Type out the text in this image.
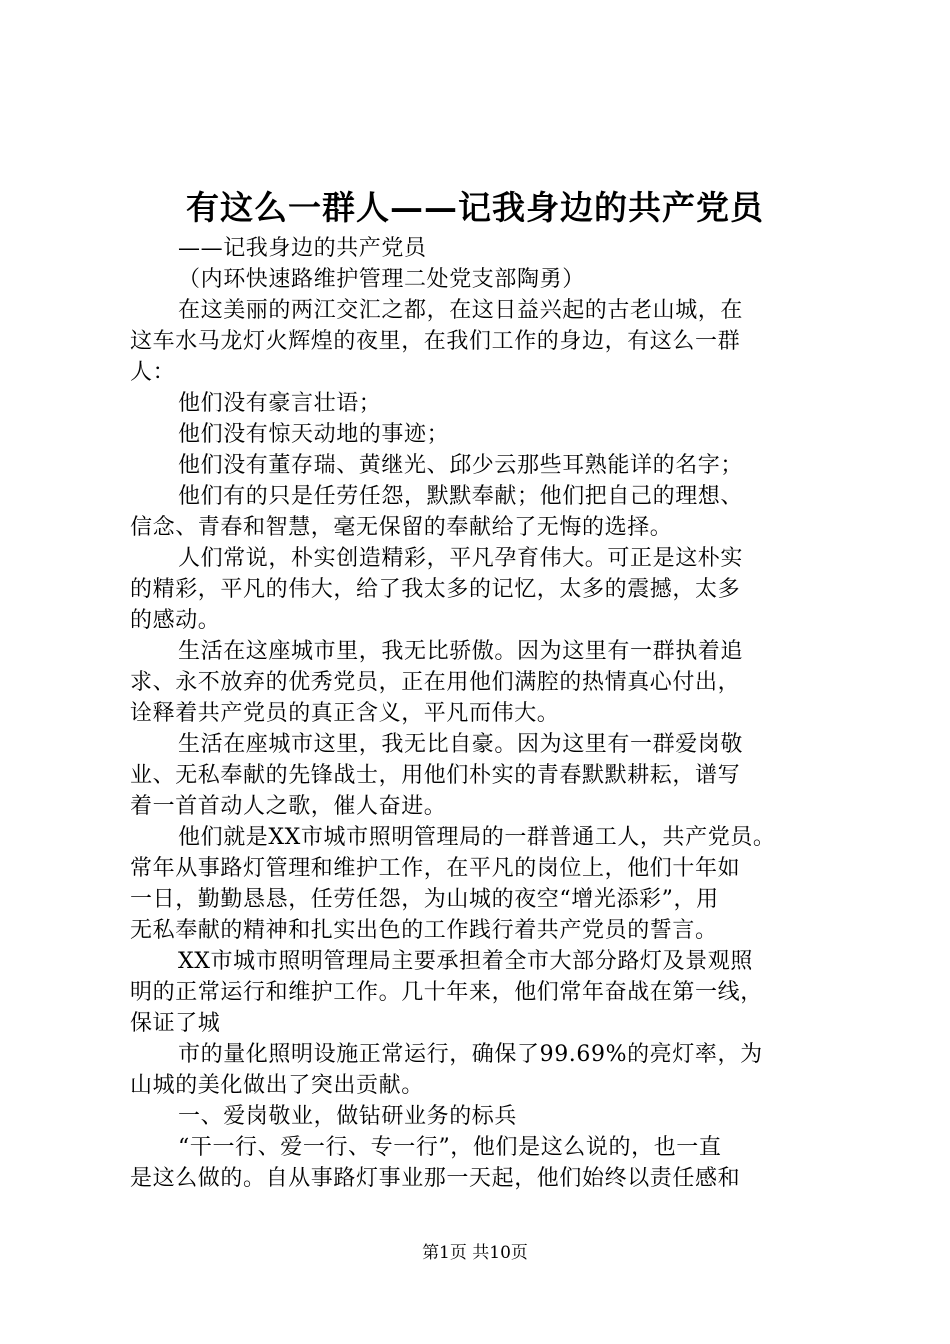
有这么一群人——记我身边的共产党员
——记我身边的共产党员
（内环快速路维护管理二处党支部陶勇）
在这美丽的两江交汇之都，在这日益兴起的古老山城，在
这车水马龙灯火辉煌的夜里，在我们工作的身边，有这么一群
人：
他们没有豪言壮语；
他们没有惊天动地的事迹；
他们没有董存瑞、黄继光、邱少云那些耳熟能详的名字；
他们有的只是任劳任怨，默默奉献；他们把自己的理想、
信念、青春和智慧，毫无保留的奉献给了无悔的选择。
人们常说，朴实创造精彩，平凡孕育伟大。可正是这朴实
的精彩，平凡的伟大，给了我太多的记忆，太多的震撼，太多
的感动。
生活在这座城市里，我无比骄傲。因为这里有一群执着追
求、永不放弃的优秀党员，正在用他们满腔的热情真心付出，
诠释着共产党员的真正含义，平凡而伟大。
生活在座城市这里，我无比自豪。因为这里有一群爱岗敬
业、无私奉献的先锋战士，用他们朴实的青春默默耕耘，谱写
着一首首动人之歌，催人奋进。
他们就是XX市城市照明管理局的一群普通工人，共产党员。
常年从事路灯管理和维护工作，在平凡的岗位上，他们十年如
一日，勤勤恳恳，任劳任怨，为山城的夜空“增光添彩”，用
无私奉献的精神和扎实出色的工作践行着共产党员的誓言。
XX市城市照明管理局主要承担着全市大部分路灯及景观照
明的正常运行和维护工作。几十年来，他们常年奋战在第一线，
保证了城
市的量化照明设施正常运行，确保了99.69%的亮灯率，为
山城的美化做出了突出贡献。
一、爱岗敬业，做钻研业务的标兵
“干一行、爱一行、专一行”，他们是这么说的，也一直
是这么做的。自从事路灯事业那一天起，他们始终以责任感和
第1页 共10页
